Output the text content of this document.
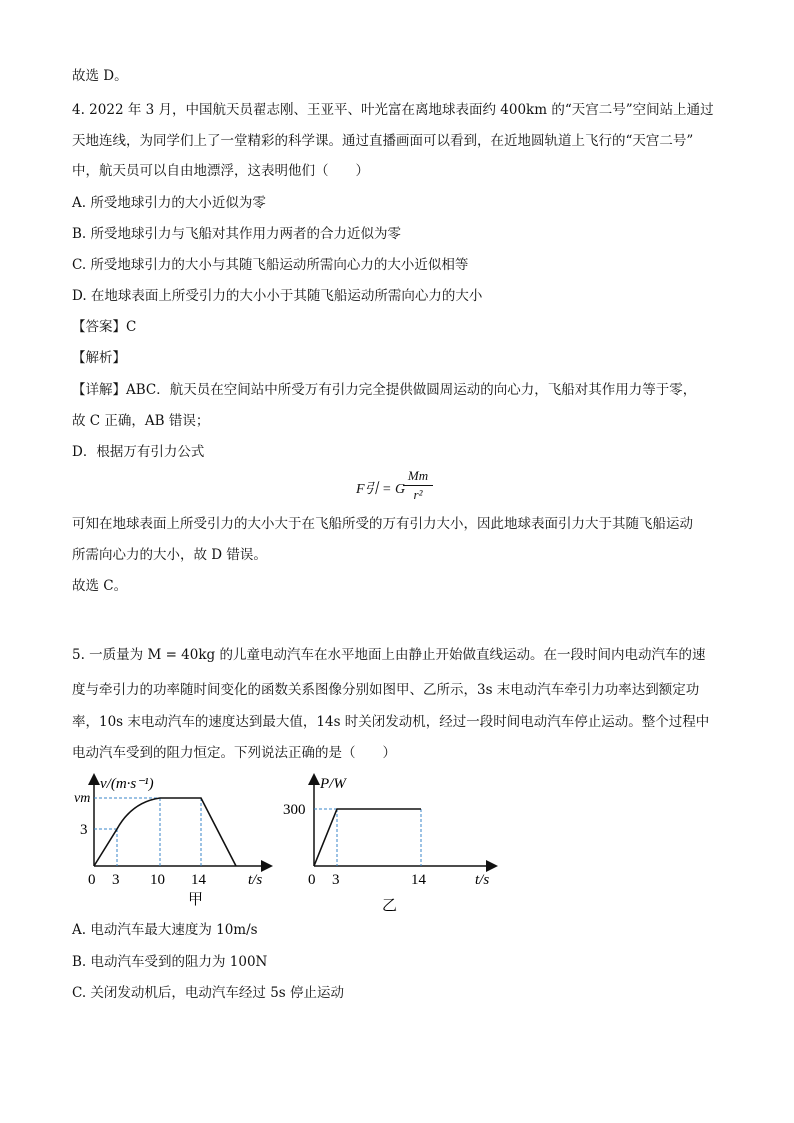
故选 D。
4. 2022 年 3 月，中国航天员翟志刚、王亚平、叶光富在离地球表面约 400km 的“天宫二号”空间站上通过
天地连线，为同学们上了一堂精彩的科学课。通过直播画面可以看到，在近地圆轨道上飞行的“天宫二号”
中，航天员可以自由地漂浮，这表明他们（　　）
A. 所受地球引力的大小近似为零
B. 所受地球引力与飞船对其作用力两者的合力近似为零
C. 所受地球引力的大小与其随飞船运动所需向心力的大小近似相等
D. 在地球表面上所受引力的大小小于其随飞船运动所需向心力的大小
【答案】C
【解析】
【详解】ABC．航天员在空间站中所受万有引力完全提供做圆周运动的向心力，飞船对其作用力等于零，
故 C 正确，AB 错误；
D．根据万有引力公式
F引 = G
Mm
r²
可知在地球表面上所受引力的大小大于在飞船所受的万有引力大小，因此地球表面引力大于其随飞船运动
所需向心力的大小，故 D 错误。
故选 C。
5. 一质量为 M = 40kg 的儿童电动汽车在水平地面上由静止开始做直线运动。在一段时间内电动汽车的速
度与牵引力的功率随时间变化的函数关系图像分别如图甲、乙所示，3s 末电动汽车牵引力功率达到额定功
率，10s 末电动汽车的速度达到最大值，14s 时关闭发动机，经过一段时间电动汽车停止运动。整个过程中
电动汽车受到的阻力恒定。下列说法正确的是（　　）
v/(m·s⁻¹)
vm
3
0 3 10 14	t/s
甲
P/W
300
0 3	14	t/s
乙
A. 电动汽车最大速度为 10m/s
B. 电动汽车受到的阻力为 100N
C. 关闭发动机后，电动汽车经过 5s 停止运动
